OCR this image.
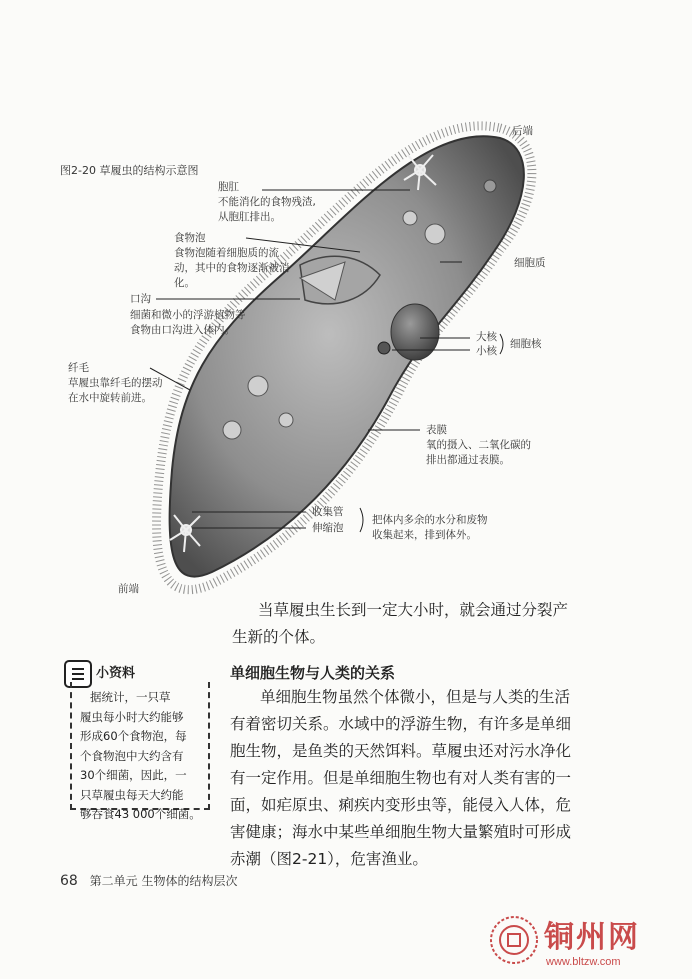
图2-20 草履虫的结构示意图
后端
胞肛
不能消化的食物残渣,
从胞肛排出。
食物泡
食物泡随着细胞质的流
动，其中的食物逐渐被消
化。
细胞质
口沟
细菌和微小的浮游植物等
食物由口沟进入体内。
大核
小核
细胞核
纤毛
草履虫靠纤毛的摆动
在水中旋转前进。
表膜
氧的摄入、二氧化碳的
排出都通过表膜。
收集管
伸缩泡
把体内多余的水分和废物
收集起来，排到体外。
前端
当草履虫生长到一定大小时，就会通过分裂产
生新的个体。
小资料
据统计，一只草
履虫每小时大约能够
形成60个食物泡，每
个食物泡中大约含有
30个细菌，因此，一
只草履虫每天大约能
够吞食43 000个细菌。
单细胞生物与人类的关系
单细胞生物虽然个体微小，但是与人类的生活
有着密切关系。水域中的浮游生物，有许多是单细
胞生物，是鱼类的天然饵料。草履虫还对污水净化
有一定作用。但是单细胞生物也有对人类有害的一
面，如疟原虫、痢疾内变形虫等，能侵入人体，危
害健康；海水中某些单细胞生物大量繁殖时可形成
赤潮（图2-21），危害渔业。
68 第二单元 生物体的结构层次
铜州网
www.bltzw.com
